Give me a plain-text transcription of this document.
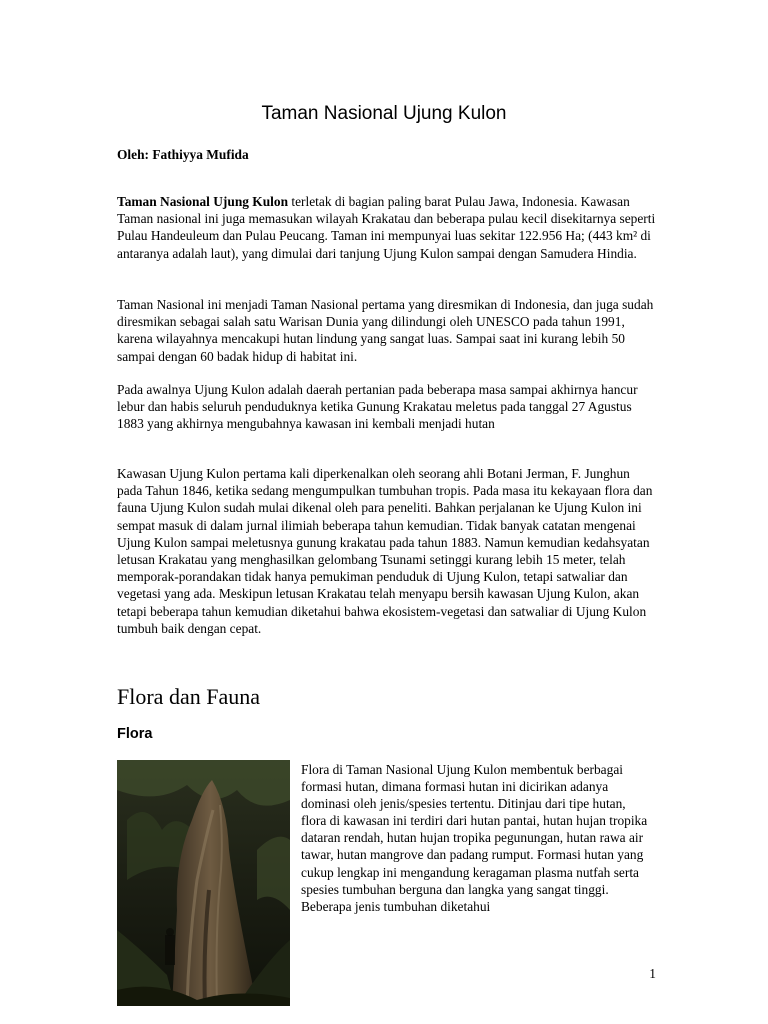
Taman Nasional Ujung Kulon

Oleh: Fathiyya Mufida

Taman Nasional Ujung Kulon terletak di bagian paling barat Pulau Jawa, Indonesia. Kawasan Taman nasional ini juga memasukan wilayah Krakatau dan beberapa pulau kecil disekitarnya seperti Pulau Handeuleum dan Pulau Peucang. Taman ini mempunyai luas sekitar 122.956 Ha; (443 km² di antaranya adalah laut), yang dimulai dari tanjung Ujung Kulon sampai dengan Samudera Hindia.

Taman Nasional ini menjadi Taman Nasional pertama yang diresmikan di Indonesia, dan juga sudah diresmikan sebagai salah satu Warisan Dunia yang dilindungi oleh UNESCO pada tahun 1991, karena wilayahnya mencakupi hutan lindung yang sangat luas. Sampai saat ini kurang lebih 50 sampai dengan 60 badak hidup di habitat ini.

Pada awalnya Ujung Kulon adalah daerah pertanian pada beberapa masa sampai akhirnya hancur lebur dan habis seluruh penduduknya ketika Gunung Krakatau meletus pada tanggal 27 Agustus 1883 yang akhirnya mengubahnya kawasan ini kembali menjadi hutan

Kawasan Ujung Kulon pertama kali diperkenalkan oleh seorang ahli Botani Jerman, F. Junghun pada Tahun 1846, ketika sedang mengumpulkan tumbuhan tropis. Pada masa itu kekayaan flora dan fauna Ujung Kulon sudah mulai dikenal oleh para peneliti. Bahkan perjalanan ke Ujung Kulon ini sempat masuk di dalam jurnal ilimiah beberapa tahun kemudian. Tidak banyak catatan mengenai Ujung Kulon sampai meletusnya gunung krakatau pada tahun 1883. Namun kemudian kedahsyatan letusan Krakatau yang menghasilkan gelombang Tsunami setinggi kurang lebih 15 meter, telah memporak-porandakan tidak hanya pemukiman penduduk di Ujung Kulon, tetapi satwaliar dan vegetasi yang ada. Meskipun letusan Krakatau telah menyapu bersih kawasan Ujung Kulon, akan tetapi beberapa tahun kemudian diketahui bahwa ekosistem-vegetasi dan satwaliar di Ujung Kulon tumbuh baik dengan cepat.

Flora dan Fauna
Flora

Flora di Taman Nasional Ujung Kulon membentuk berbagai formasi hutan, dimana formasi hutan ini dicirikan adanya dominasi oleh jenis/spesies tertentu. Ditinjau dari tipe hutan, flora di kawasan ini terdiri dari hutan pantai, hutan hujan tropika dataran rendah, hutan hujan tropika pegunungan, hutan rawa air tawar, hutan mangrove dan padang rumput. Formasi hutan yang cukup lengkap ini mengandung keragaman plasma nutfah serta spesies tumbuhan berguna dan langka yang sangat tinggi. Beberapa jenis tumbuhan diketahui

1
